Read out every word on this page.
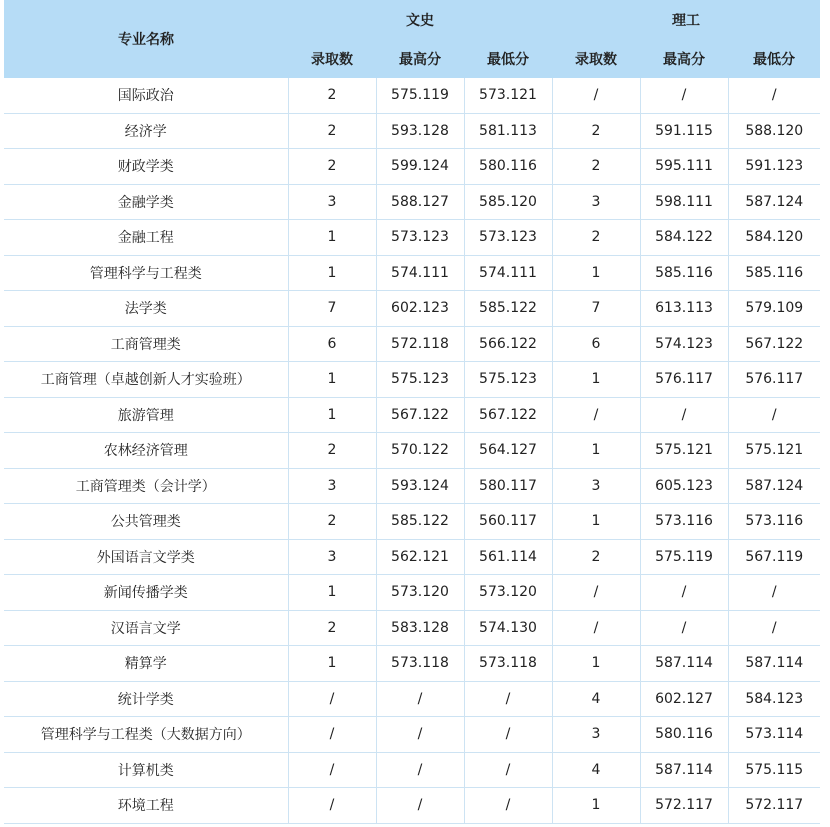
专业名称	文史			理工		
	录取数	最高分	最低分	录取数	最高分	最低分
国际政治	2	575.119	573.121	/	/	/
经济学	2	593.128	581.113	2	591.115	588.120
财政学类	2	599.124	580.116	2	595.111	591.123
金融学类	3	588.127	585.120	3	598.111	587.124
金融工程	1	573.123	573.123	2	584.122	584.120
管理科学与工程类	1	574.111	574.111	1	585.116	585.116
法学类	7	602.123	585.122	7	613.113	579.109
工商管理类	6	572.118	566.122	6	574.123	567.122
工商管理（卓越创新人才实验班）	1	575.123	575.123	1	576.117	576.117
旅游管理	1	567.122	567.122	/	/	/
农林经济管理	2	570.122	564.127	1	575.121	575.121
工商管理类（会计学）	3	593.124	580.117	3	605.123	587.124
公共管理类	2	585.122	560.117	1	573.116	573.116
外国语言文学类	3	562.121	561.114	2	575.119	567.119
新闻传播学类	1	573.120	573.120	/	/	/
汉语言文学	2	583.128	574.130	/	/	/
精算学	1	573.118	573.118	1	587.114	587.114
统计学类	/	/	/	4	602.127	584.123
管理科学与工程类（大数据方向）	/	/	/	3	580.116	573.114
计算机类	/	/	/	4	587.114	575.115
环境工程	/	/	/	1	572.117	572.117
